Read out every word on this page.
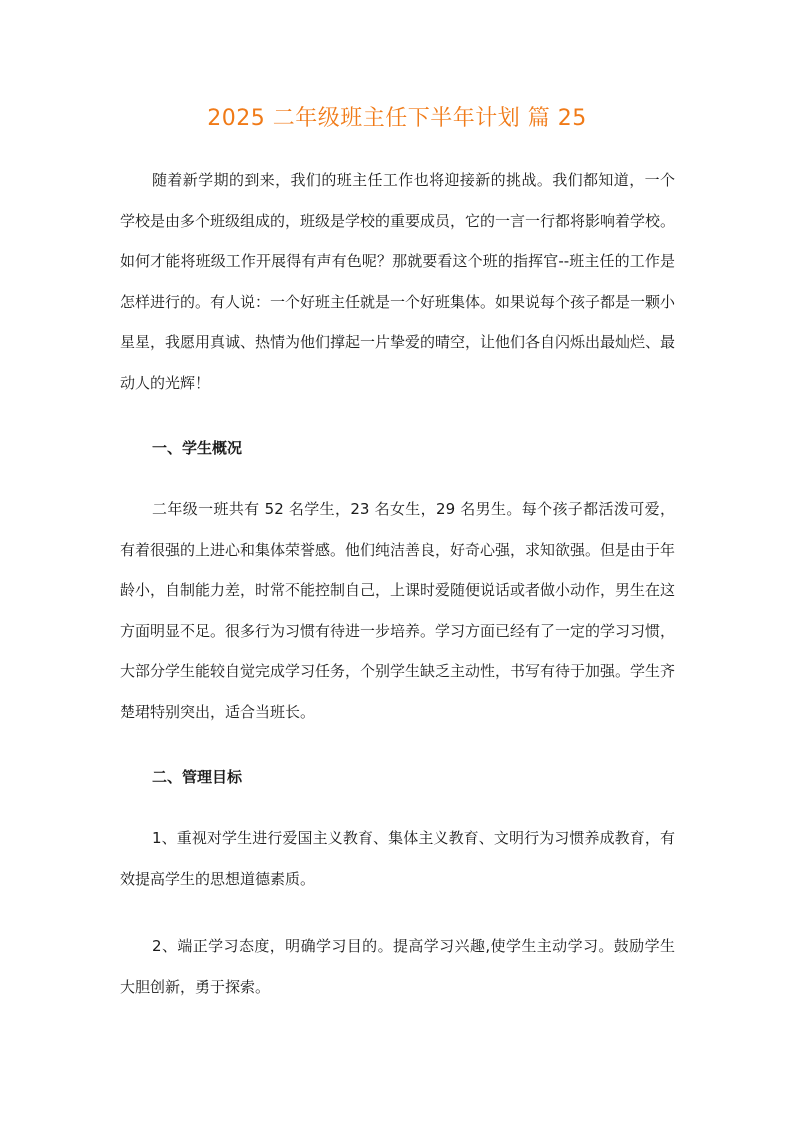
2025 二年级班主任下半年计划 篇 25

随着新学期的到来，我们的班主任工作也将迎接新的挑战。我们都知道，一个学校是由多个班级组成的，班级是学校的重要成员，它的一言一行都将影响着学校。如何才能将班级工作开展得有声有色呢？那就要看这个班的指挥官--班主任的工作是怎样进行的。有人说：一个好班主任就是一个好班集体。如果说每个孩子都是一颗小星星，我愿用真诚、热情为他们撑起一片挚爱的晴空，让他们各自闪烁出最灿烂、最动人的光辉！

一、学生概况

二年级一班共有 52 名学生，23 名女生，29 名男生。每个孩子都活泼可爱，有着很强的上进心和集体荣誉感。他们纯洁善良，好奇心强，求知欲强。但是由于年龄小，自制能力差，时常不能控制自己，上课时爱随便说话或者做小动作，男生在这方面明显不足。很多行为习惯有待进一步培养。学习方面已经有了一定的学习习惯，大部分学生能较自觉完成学习任务，个别学生缺乏主动性，书写有待于加强。学生齐楚珺特别突出，适合当班长。

二、管理目标

1、重视对学生进行爱国主义教育、集体主义教育、文明行为习惯养成教育，有效提高学生的思想道德素质。

2、端正学习态度，明确学习目的。提高学习兴趣,使学生主动学习。鼓励学生大胆创新，勇于探索。
